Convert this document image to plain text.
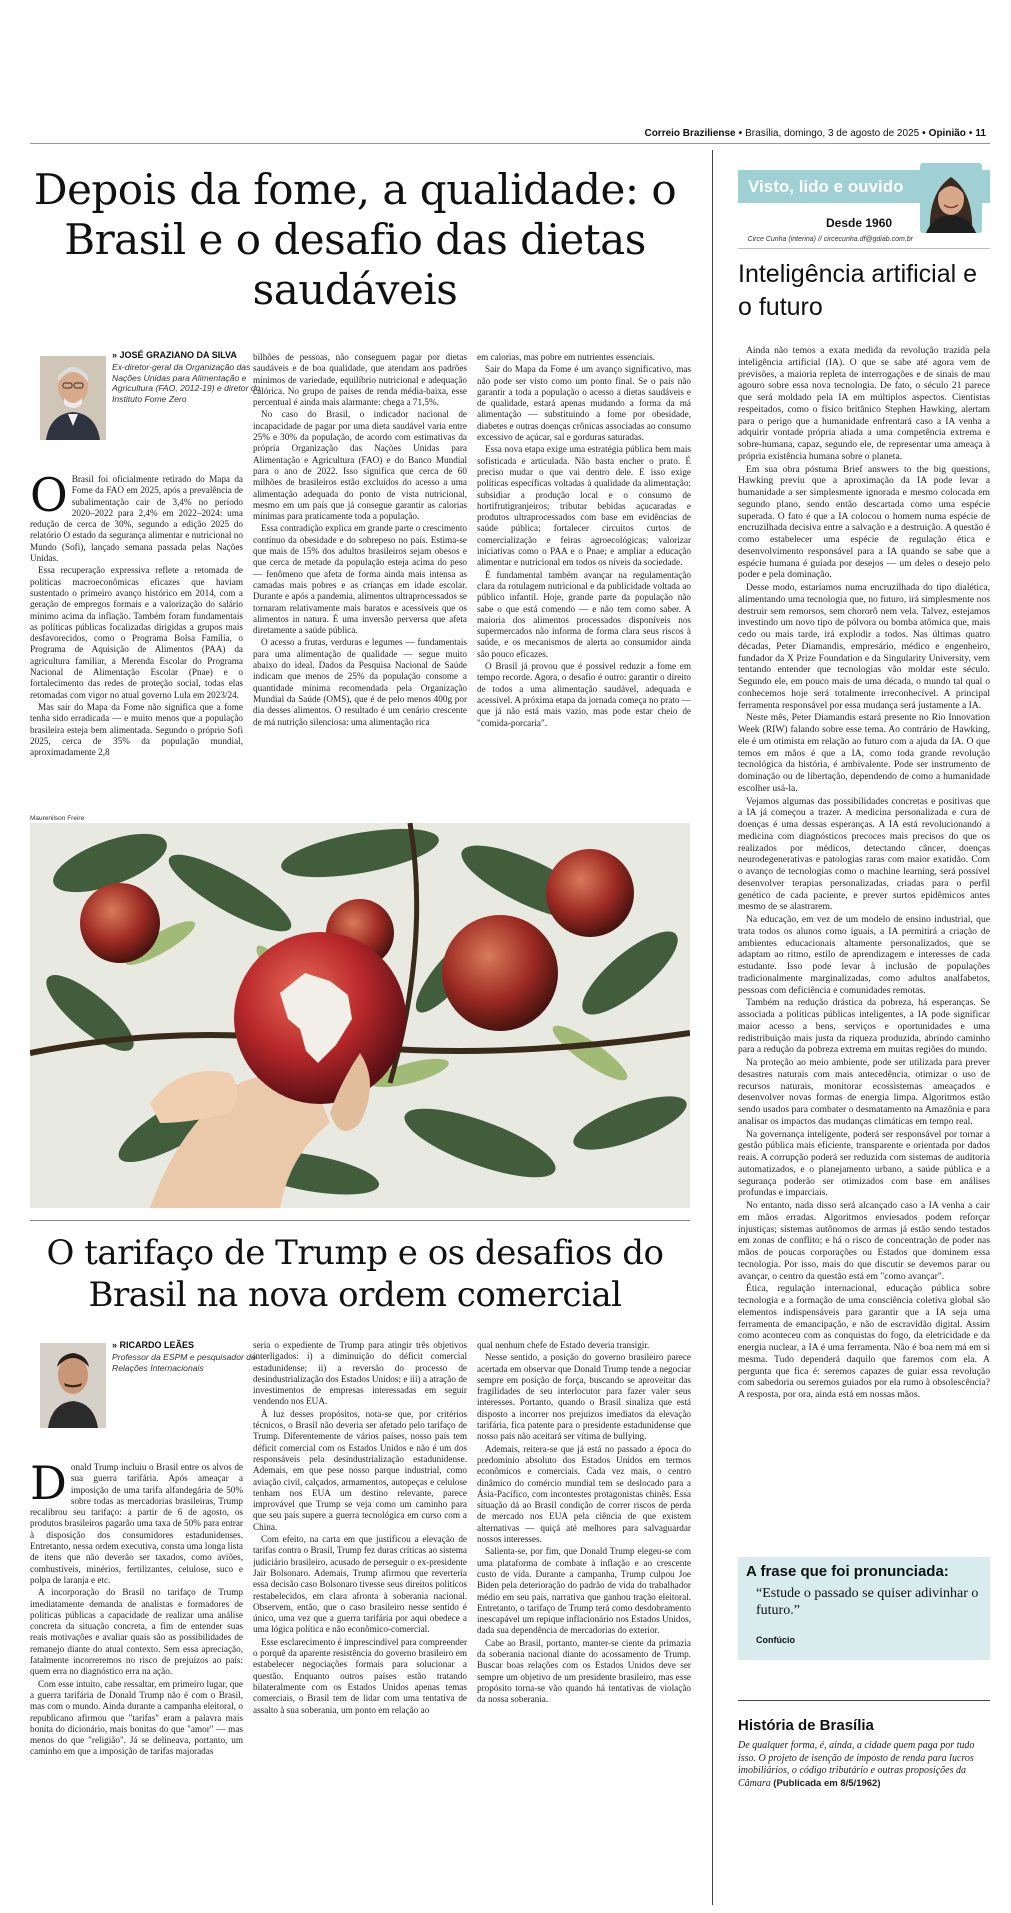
Correio Braziliense • Brasília, domingo, 3 de agosto de 2025 • Opinião • 11
Depois da fome, a qualidade: o Brasil e o desafio das dietas saudáveis
» JOSÉ GRAZIANO DA SILVA
Ex-diretor-geral da Organização das Nações Unidas para Alimentação e Agricultura (FAO, 2012-19) e diretor do Instituto Fome Zero
O Brasil foi oficialmente retirado do Mapa da Fome da FAO em 2025, após a prevalência de subalimentação cair de 3,4% no período 2020–2022 para 2,4% em 2022–2024: uma redução de cerca de 30%, segundo a edição 2025 do relatório O estado da segurança alimentar e nutricional no Mundo (Sofi), lançado semana passada pelas Nações Unidas.

Essa recuperação expressiva reflete a retomada de políticas macroeconômicas eficazes que haviam sustentado o primeiro avanço histórico em 2014, com a geração de empregos formais e a valorização do salário mínimo acima da inflação. Também foram fundamentais as políticas públicas focalizadas dirigidas a grupos mais desfavorecidos, como o Programa Bolsa Família, o Programa de Aquisição de Alimentos (PAA) da agricultura familiar, a Merenda Escolar do Programa Nacional de Alimentação Escolar (Pnae) e o fortalecimento das redes de proteção social, todas elas retomadas com vigor no atual governo Lula em 2023/24.

Mas sair do Mapa da Fome não significa que a fome tenha sido erradicada — e muito menos que a população brasileira esteja bem alimentada. Segundo o próprio Sofi 2025, cerca de 35% da população mundial, aproximadamente 2,8

bilhões de pessoas, não conseguem pagar por dietas saudáveis e de boa qualidade, que atendam aos padrões mínimos de variedade, equilíbrio nutricional e adequação calórica. No grupo de países de renda média-baixa, esse percentual é ainda mais alarmante: chega a 71,5%.

No caso do Brasil, o indicador nacional de incapacidade de pagar por uma dieta saudável varia entre 25% e 30% da população, de acordo com estimativas da própria Organização das Nações Unidas para Alimentação e Agricultura (FAO) e do Banco Mundial para o ano de 2022. Isso significa que cerca de 60 milhões de brasileiros estão excluídos do acesso a uma alimentação adequada do ponto de vista nutricional, mesmo em um país que já consegue garantir as calorias mínimas para praticamente toda a população.

Essa contradição explica em grande parte o crescimento contínuo da obesidade e do sobrepeso no país. Estima-se que mais de 15% dos adultos brasileiros sejam obesos e que cerca de metade da população esteja acima do peso — fenômeno que afeta de forma ainda mais intensa as camadas mais pobres e as crianças em idade escolar. Durante e após a pandemia, alimentos ultraprocessados se tornaram relativamente mais baratos e acessíveis que os alimentos in natura. É uma inversão perversa que afeta diretamente a saúde pública.

O acesso a frutas, verduras e legumes — fundamentais para uma alimentação de qualidade — segue muito abaixo do ideal. Dados da Pesquisa Nacional de Saúde indicam que menos de 25% da população consome a quantidade mínima recomendada pela Organização Mundial da Saúde (OMS), que é de pelo menos 400g por dia desses alimentos. O resultado é um cenário crescente de má nutrição silenciosa: uma alimentação rica

em calorias, mas pobre em nutrientes essenciais.

Sair do Mapa da Fome é um avanço significativo, mas não pode ser visto como um ponto final. Se o país não garantir a toda a população o acesso a dietas saudáveis e de qualidade, estará apenas mudando a forma da má alimentação — substituindo a fome por obesidade, diabetes e outras doenças crônicas associadas ao consumo excessivo de açúcar, sal e gorduras saturadas.

Essa nova etapa exige uma estratégia pública bem mais sofisticada e articulada. Não basta encher o prato. É preciso mudar o que vai dentro dele. E isso exige políticas específicas voltadas à qualidade da alimentação: subsidiar a produção local e o consumo de hortifrutigranjeiros; tributar bebidas açucaradas e produtos ultraprocessados com base em evidências de saúde pública; fortalecer circuitos curtos de comercialização e feiras agroecológicas; valorizar iniciativas como o PAA e o Pnae; e ampliar a educação alimentar e nutricional em todos os níveis da sociedade.

É fundamental também avançar na regulamentação clara da rotulagem nutricional e da publicidade voltada ao público infantil. Hoje, grande parte da população não sabe o que está comendo — e não tem como saber. A maioria dos alimentos processados disponíveis nos supermercados não informa de forma clara seus riscos à saúde, e os mecanismos de alerta ao consumidor ainda são pouco eficazes.

O Brasil já provou que é possível reduzir a fome em tempo recorde. Agora, o desafio é outro: garantir o direito de todos a uma alimentação saudável, adequada e acessível. A próxima etapa da jornada começa no prato — que já não está mais vazio, mas pode estar cheio de "comida-porcaria".

Maurenilson Freire
O tarifaço de Trump e os desafios do Brasil na nova ordem comercial
» RICARDO LEÃES
Professor da ESPM e pesquisador de Relações Internacionais
D onald Trump incluiu o Brasil entre os alvos de sua guerra tarifária. Após ameaçar a imposição de uma tarifa alfandegária de 50% sobre todas as mercadorias brasileiras, Trump recalibrou seu tarifaço: a partir de 6 de agosto, os produtos brasileiros pagarão uma taxa de 50% para entrar à disposição dos consumidores estadunidenses. Entretanto, nessa ordem executiva, consta uma longa lista de itens que não deverão ser taxados, como aviões, combustíveis, minérios, fertilizantes, celulose, suco e polpa de laranja e etc.

A incorporação do Brasil no tarifaço de Trump imediatamente demanda de analistas e formadores de políticas públicas a capacidade de realizar uma análise concreta da situação concreta, a fim de entender suas reais motivações e avaliar quais são as possibilidades de remanejo diante do atual contexto. Sem essa apreciação, fatalmente incorreremos no risco de prejuízos ao país: quem erra no diagnóstico erra na ação.

Com esse intuito, cabe ressaltar, em primeiro lugar, que a guerra tarifária de Donald Trump não é com o Brasil, mas com o mundo. Ainda durante a campanha eleitoral, o republicano afirmou que "tarifas" eram a palavra mais bonita do dicionário, mais bonitas do que "amor" — mas menos do que "religião". Já se delineava, portanto, um caminho em que a imposição de tarifas majoradas

seria o expediente de Trump para atingir três objetivos interligados: i) a diminuição do déficit comercial estadunidense; ii) a reversão do processo de desindustrialização dos Estados Unidos; e iii) a atração de investimentos de empresas interessadas em seguir vendendo nos EUA.

À luz desses propósitos, nota-se que, por critérios técnicos, o Brasil não deveria ser afetado pelo tarifaço de Trump. Diferentemente de vários países, nosso país tem déficit comercial com os Estados Unidos e não é um dos responsáveis pela desindustrialização estadunidense. Ademais, em que pese nosso parque industrial, como aviação civil, calçados, armamentos, autopeças e celulose tenham nos EUA um destino relevante, parece improvável que Trump se veja como um caminho para que seu país supere a guerra tecnológica em curso com a China.

Com efeito, na carta em que justificou a elevação de tarifas contra o Brasil, Trump fez duras críticas ao sistema judiciário brasileiro, acusado de perseguir o ex-presidente Jair Bolsonaro. Ademais, Trump afirmou que reverteria essa decisão caso Bolsonaro tivesse seus direitos políticos restabelecidos, em clara afronta à soberania nacional. Observem, então, que o caso brasileiro nesse sentido é único, uma vez que a guerra tarifária por aqui obedece a uma lógica política e não econômico-comercial.

Esse esclarecimento é imprescindível para compreender o porquê da aparente resistência do governo brasileiro em estabelecer negociações formais para solucionar a questão. Enquanto outros países estão tratando bilateralmente com os Estados Unidos apenas temas comerciais, o Brasil tem de lidar com uma tentativa de assalto à sua soberania, um ponto em relação ao

qual nenhum chefe de Estado deveria transigir.

Nesse sentido, a posição do governo brasileiro parece acertada em observar que Donald Trump tende a negociar sempre em posição de força, buscando se aproveitar das fragilidades de seu interlocutor para fazer valer seus interesses. Portanto, quando o Brasil sinaliza que está disposto a incorrer nos prejuízos imediatos da elevação tarifária, fica patente para o presidente estadunidense que nosso país não aceitará ser vítima de bullying.

Ademais, reitera-se que já está no passado a época do predomínio absoluto dos Estados Unidos em termos econômicos e comerciais. Cada vez mais, o centro dinâmico do comércio mundial tem se deslocado para a Ásia-Pacífico, com incontestes protagonistas chinês. Essa situação dá ao Brasil condição de correr riscos de perda de mercado nos EUA pela ciência de que existem alternativas — quiçá até melhores para salvaguardar nossos interesses.

Salienta-se, por fim, que Donald Trump elegeu-se com uma plataforma de combate à inflação e ao crescente custo de vida. Durante a campanha, Trump culpou Joe Biden pela deterioração do padrão de vida do trabalhador médio em seu país, narrativa que ganhou tração eleitoral. Entretanto, o tarifaço de Trump terá como desdobramento inescapável um repique inflacionário nos Estados Unidos, dada sua dependência de mercadorias do exterior.

Cabe ao Brasil, portanto, manter-se ciente da primazia da soberania nacional diante do acossamento de Trump. Buscar boas relações com os Estados Unidos deve ser sempre um objetivo de um presidente brasileiro, mas esse propósito torna-se vão quando há tentativas de violação da nossa soberania.

Visto, lido e ouvido
Desde 1960
Circe Cunha (interina) // circecunha.df@gdiab.com.br
Inteligência artificial e o futuro

Ainda não temos a exata medida da revolução trazida pela inteligência artificial (IA). O que se sabe até agora vem de previsões, a maioria repleta de interrogações e de sinais de mau agouro sobre essa nova tecnologia. De fato, o século 21 parece que será moldado pela IA em múltiplos aspectos. Cientistas respeitados, como o físico britânico Stephen Hawking, alertam para o perigo que a humanidade enfrentará caso a IA venha a adquirir vontade própria aliada a uma competência extrema e sobre-humana, capaz, segundo ele, de representar uma ameaça à própria existência humana sobre o planeta.

Em sua obra póstuma Brief answers to the big questions, Hawking previu que a aproximação da IA pode levar a humanidade a ser simplesmente ignorada e mesmo colocada em segundo plano, sendo então descartada como uma espécie superada. O fato é que a IA colocou o homem numa espécie de encruzilhada decisiva entre a salvação e a destruição. A questão é como estabelecer uma espécie de regulação ética e desenvolvimento responsável para a IA quando se sabe que a espécie humana é guiada por desejos — um deles o desejo pelo poder e pela dominação.

Desse modo, estaríamos numa encruzilhada do tipo dialética, alimentando uma tecnologia que, no futuro, irá simplesmente nos destruir sem remorsos, sem chororô nem vela. Talvez, estejamos investindo um novo tipo de pólvora ou bomba atômica que, mais cedo ou mais tarde, irá explodir a todos. Nas últimas quatro décadas, Peter Diamandis, empresário, médico e engenheiro, fundador da X Prize Foundation e da Singularity University, vem tentando entender que tecnologias vão moldar este século. Segundo ele, em pouco mais de uma década, o mundo tal qual o conhecemos hoje será totalmente irreconhecível. A principal ferramenta responsável por essa mudança será justamente a IA.

Neste mês, Peter Diamandis estará presente no Rio Innovation Week (RIW) falando sobre esse tema. Ao contrário de Hawking, ele é um otimista em relação ao futuro com a ajuda da IA. O que temos em mãos é que a IA, como toda grande revolução tecnológica da história, é ambivalente. Pode ser instrumento de dominação ou de libertação, dependendo de como a humanidade escolher usá-la.

Vejamos algumas das possibilidades concretas e positivas que a IA já começou a trazer. A medicina personalizada e cura de doenças é uma dessas esperanças. A IA está revolucionando a medicina com diagnósticos precoces mais precisos do que os realizados por médicos, detectando câncer, doenças neurodegenerativas e patologias raras com maior exatidão. Com o avanço de tecnologias como o machine learning, será possível desenvolver terapias personalizadas, criadas para o perfil genético de cada paciente, e prever surtos epidêmicos antes mesmo de se alastrarem.

Na educação, em vez de um modelo de ensino industrial, que trata todos os alunos como iguais, a IA permitirá a criação de ambientes educacionais altamente personalizados, que se adaptam ao ritmo, estilo de aprendizagem e interesses de cada estudante. Isso pode levar à inclusão de populações tradicionalmente marginalizadas, como adultos analfabetos, pessoas com deficiência e comunidades remotas.

Também na redução drástica da pobreza, há esperanças. Se associada a políticas públicas inteligentes, a IA pode significar maior acesso a bens, serviços e oportunidades e uma redistribuição mais justa da riqueza produzida, abrindo caminho para a redução da pobreza extrema em muitas regiões do mundo.

Na proteção ao meio ambiente, pode ser utilizada para prever desastres naturais com mais antecedência, otimizar o uso de recursos naturais, monitorar ecossistemas ameaçados e desenvolver novas formas de energia limpa. Algoritmos estão sendo usados para combater o desmatamento na Amazônia e para analisar os impactos das mudanças climáticas em tempo real.

Na governança inteligente, poderá ser responsável por tornar a gestão pública mais eficiente, transparente e orientada por dados reais. A corrupção poderá ser reduzida com sistemas de auditoria automatizados, e o planejamento urbano, a saúde pública e a segurança poderão ser otimizados com base em análises profundas e imparciais.

No entanto, nada disso será alcançado caso a IA venha a cair em mãos erradas. Algoritmos enviesados podem reforçar injustiças; sistemas autônomos de armas já estão sendo testados em zonas de conflito; e há o risco de concentração de poder nas mãos de poucas corporações ou Estados que dominem essa tecnologia. Por isso, mais do que discutir se devemos parar ou avançar, o centro da questão está em "como avançar".

Ética, regulação internacional, educação pública sobre tecnologia e a formação de uma consciência coletiva global são elementos indispensáveis para garantir que a IA seja uma ferramenta de emancipação, e não de escravidão digital. Assim como aconteceu com as conquistas do fogo, da eletricidade e da energia nuclear, a IA é uma ferramenta. Não é boa nem má em si mesma. Tudo dependerá daquilo que faremos com ela. A pergunta que fica é: seremos capazes de guiar essa revolução com sabedoria ou seremos guiados por ela rumo à obsolescência? A resposta, por ora, ainda está em nossas mãos.

A frase que foi pronunciada:
“Estude o passado se quiser adivinhar o futuro.”
Confúcio
História de Brasília
De qualquer forma, é, ainda, a cidade quem paga por tudo isso. O projeto de isenção de imposto de renda para lucros imobiliários, o código tributário e outras proposições da Câmara (Publicada em 8/5/1962)
